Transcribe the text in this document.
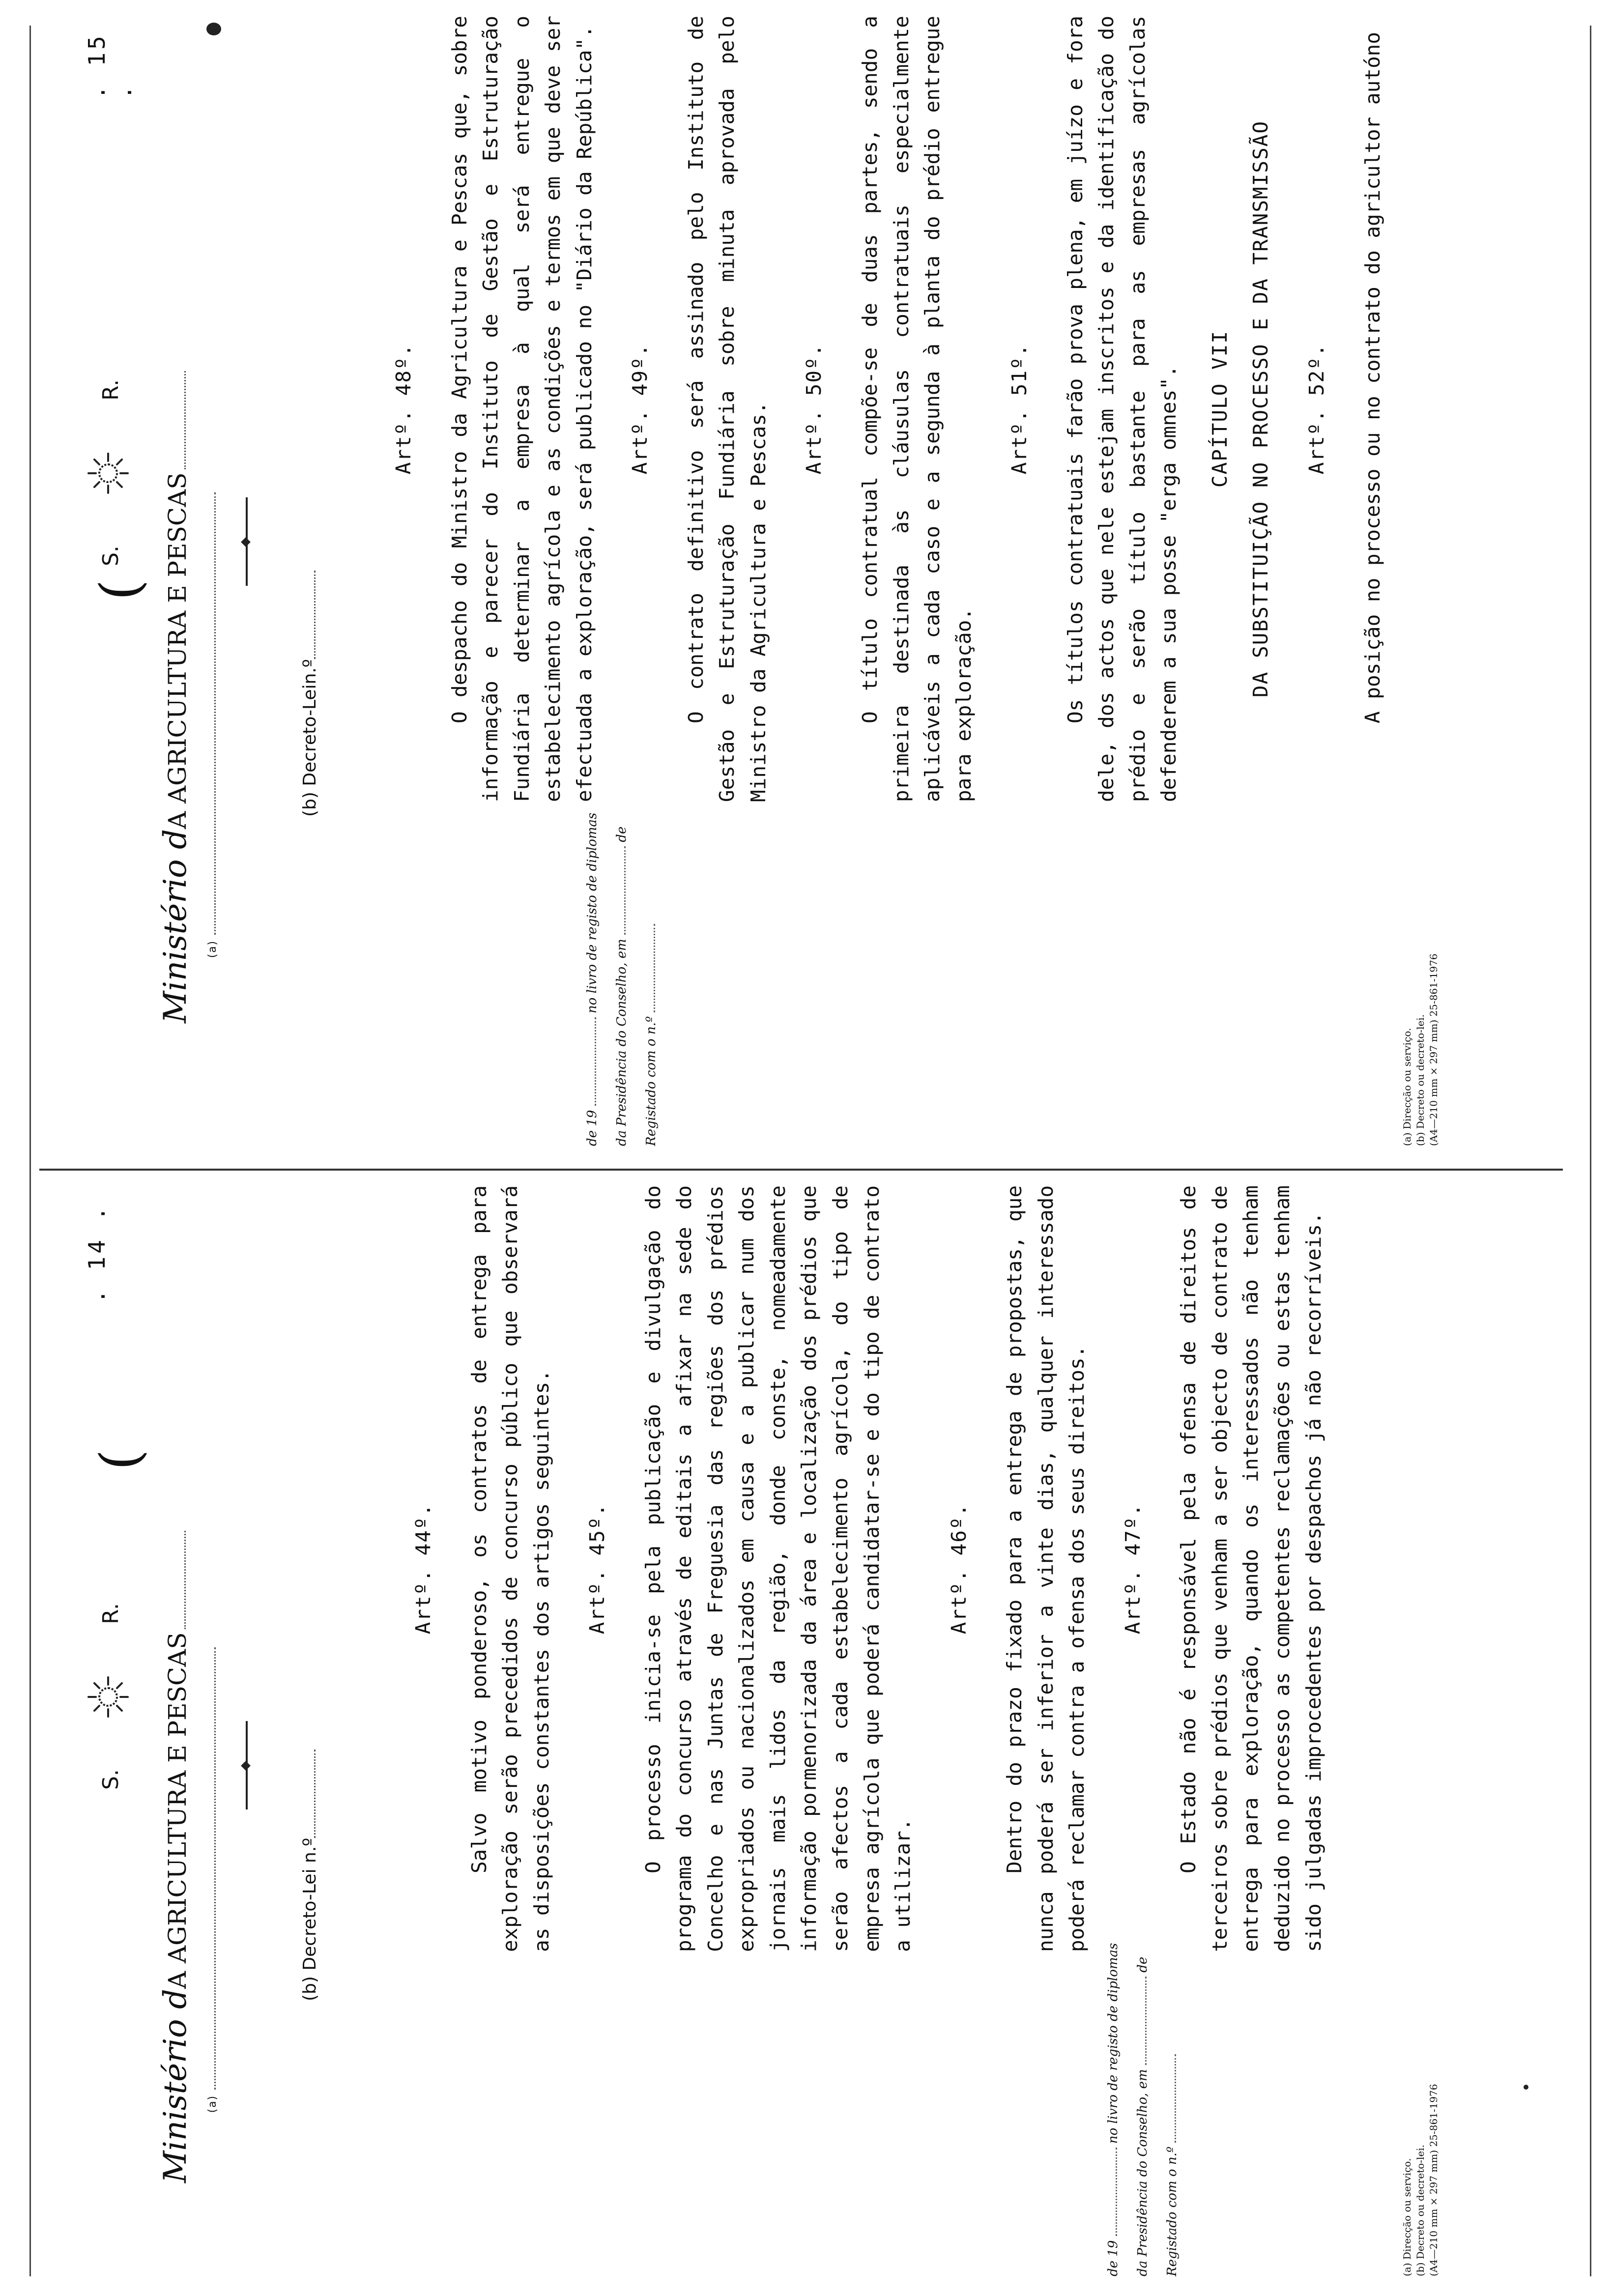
. 14 .
S.
R.
(
Ministério dA AGRICULTURA E PESCAS
(a)
(b) Decreto-Lei n.º
de 19  no livro de registo de diplomas
da Presidência do Conselho, em  de
Registado com o n.º
Artº. 44º. Salvo motivo ponderoso, os contratos de entrega para exploração serão precedidos de concurso público que observará as disposições constantes dos artigos seguintes. Artº. 45º. O processo inicia-se pela publicação e divulgação do programa do concurso através de editais a afixar na sede do Concelho e nas Juntas de Freguesia das regiões dos prédios expropriados ou nacionalizados em causa e a publicar num dos jornais mais lidos da região, donde conste, nomeadamente informação pormenorizada da área e localização dos prédios que serão afectos a cada estabelecimento agrícola, do tipo de empresa agrícola que poderá candidatar-se e do tipo de contrato a utilizar.

Artº. 46º. Dentro do prazo fixado para a entrega de propostas, que nunca poderá ser inferior a vinte dias, qualquer interessado poderá reclamar contra a ofensa dos seus direitos. Artº. 47º. O Estado não é responsável pela ofensa de direitos de terceiros sobre prédios que venham a ser objecto de contrato de entrega para exploração, quando os interessados não tenham deduzido no processo as competentes reclamações ou estas tenham sido julgadas improcedentes por despachos já não recorríveis.

(a) Direcção ou serviço. (b) Decreto ou decreto-lei. (A4—210 mm × 297 mm) 25-861-1976
. 15 .
S.
R.
(
Ministério dA AGRICULTURA E PESCAS
(a)
(b) Decreto-Lein.º
de 19  no livro de registo de diplomas
da Presidência do Conselho, em  de
Registado com o n.º
Artº. 48º. O despacho do Ministro da Agricultura e Pescas que, sobre informação e parecer do Instituto de Gestão e Estruturação Fundiária determinar a empresa à qual será entregue o estabelecimento agrícola e as condições e termos em que deve ser efectuada a exploração, será publicado no "Diário da República". Artº. 49º. O contrato definitivo será assinado pelo Instituto de Gestão e Estruturação Fundiária sobre minuta aprovada pelo Ministro da Agricultura e Pescas. Artº. 50º. O título contratual compõe-se de duas partes, sendo a primeira destinada às cláusulas contratuais especialmente aplicáveis a cada caso e a segunda à planta do prédio entregue para exploração.

Artº. 51º. Os títulos contratuais farão prova plena, em juízo e fora dele, dos actos que nele estejam inscritos e da identificação do prédio e serão título bastante para as empresas agrícolas defenderem a sua posse "erga omnes". CAPÍTULO VII DA SUBSTITUIÇÃO NO PROCESSO E DA TRANSMISSÃO Artº. 52º. A posição no processo ou no contrato do agricultor autóno

(a) Direcção ou serviço. (b) Decreto ou decreto-lei. (A4—210 mm × 297 mm) 25-861-1976
